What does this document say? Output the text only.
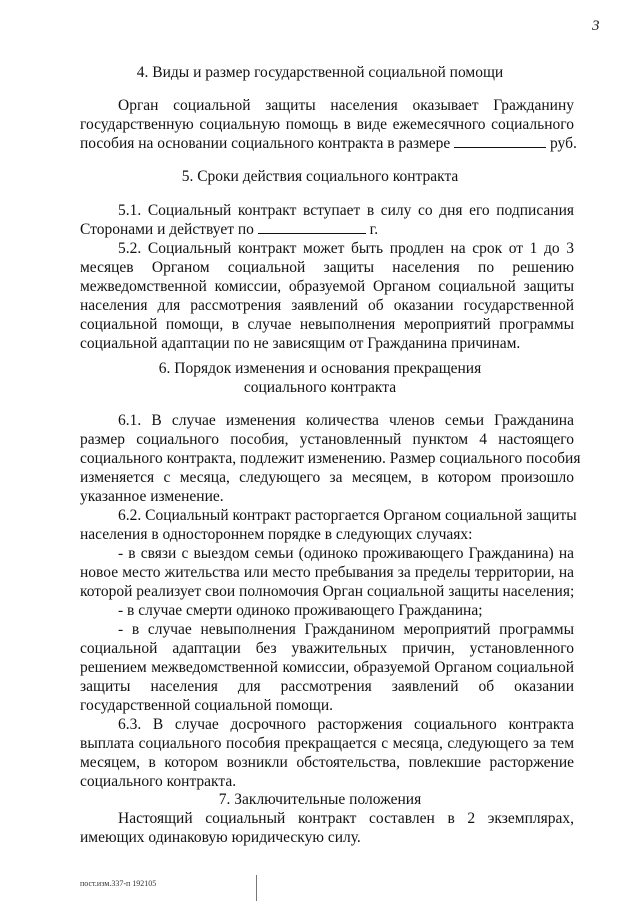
3
4. Виды и размер государственной социальной помощи
Орган социальной защиты населения оказывает Гражданину
государственную социальную помощь в виде ежемесячного социального
пособия на основании социального контракта в размере	руб.
5. Сроки действия социального контракта
5.1. Социальный контракт вступает в силу со дня его подписания
Сторонами и действует по	г.
5.2. Социальный контракт может быть продлен на срок от 1 до 3
месяцев Органом социальной защиты населения по решению
межведомственной комиссии, образуемой Органом социальной защиты
населения для рассмотрения заявлений об оказании государственной
социальной помощи, в случае невыполнения мероприятий программы
социальной адаптации по не зависящим от Гражданина причинам.
6. Порядок изменения и основания прекращения
социального контракта
6.1. В случае изменения количества членов семьи Гражданина
размер социального пособия, установленный пунктом 4 настоящего
социального контракта, подлежит изменению. Размер социального пособия
изменяется с месяца, следующего за месяцем, в котором произошло
указанное изменение.
6.2. Социальный контракт расторгается Органом социальной защиты
населения в одностороннем порядке в следующих случаях:
- в связи с выездом семьи (одиноко проживающего Гражданина) на
новое место жительства или место пребывания за пределы территории, на
которой реализует свои полномочия Орган социальной защиты населения;
- в случае смерти одиноко проживающего Гражданина;
- в случае невыполнения Гражданином мероприятий программы
социальной адаптации без уважительных причин, установленного
решением межведомственной комиссии, образуемой Органом социальной
защиты населения для рассмотрения заявлений об оказании
государственной социальной помощи.
6.3. В случае досрочного расторжения социального контракта
выплата социального пособия прекращается с месяца, следующего за тем
месяцем, в котором возникли обстоятельства, повлекшие расторжение
социального контракта.
7. Заключительные положения
Настоящий социальный контракт составлен в 2 экземплярах,
имеющих одинаковую юридическую силу.
пост.изм.337-п 192105
